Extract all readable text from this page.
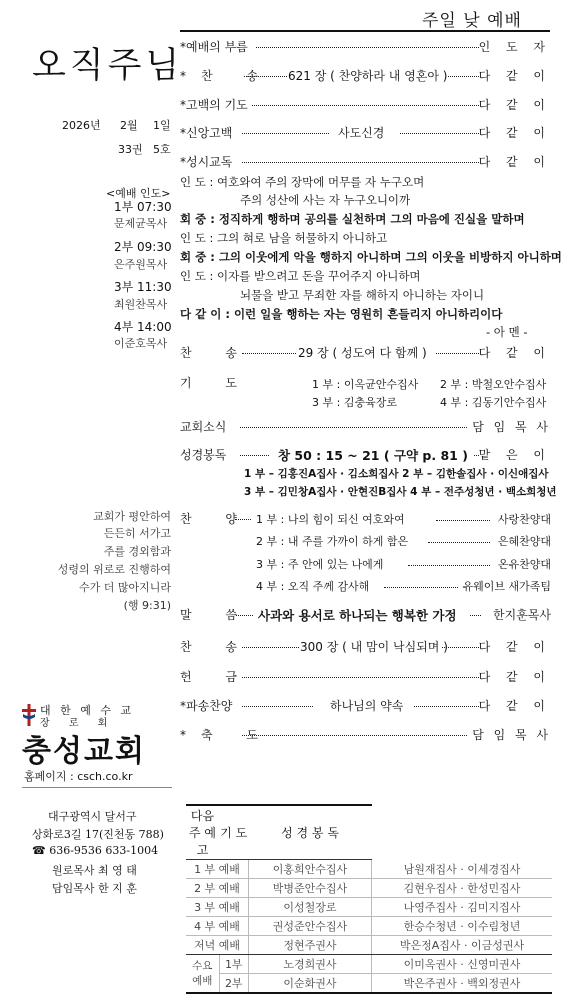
주일 낮 예배
오직주님
2026년 2월 1일
33권 5호
<예배 인도>
1부 07:30
문제균목사
2부 09:30
은주원목사
3부 11:30
최원찬목사
4부 14:00
이준호목사
교회가 평안하여
든든히 서가고
주를 경외함과
성령의 위로로 진행하여
수가 더 많아지니라
(행 9:31)
대 한 예 수 교
장 로 회
충성교회
홈페이지 : csch.co.kr
대구광역시 달서구
상화로3길 17(진천동 788)
☎ 636-9536 633-1004
원로목사 최 영 태
담임목사 한 지 훈
*예배의 부름	인 도 자
*찬 송 621 장 ( 찬양하라 내 영혼아 )	다 같 이
*고백의 기도	다 같 이
*신앙고백	사도신경	다 같 이
*성시교독	다 같 이
인 도 : 여호와여 주의 장막에 머무를 자 누구오며
주의 성산에 사는 자 누구오니이까
회 중 : 정직하게 행하며 공의를 실천하며 그의 마음에 진실을 말하며
인 도 : 그의 혀로 남을 허물하지 아니하고
회 중 : 그의 이웃에게 악을 행하지 아니하며 그의 이웃을 비방하지 아니하며
인 도 : 이자를 받으려고 돈을 꾸어주지 아니하며
뇌물을 받고 무죄한 자를 해하지 아니하는 자이니
다 같 이 : 이런 일을 행하는 자는 영원히 흔들리지 아니하리이다
- 아 멘 -
찬 송	29 장 ( 성도여 다 함께 )	다 같 이
기 도	1 부 : 이옥균안수집사 2 부 : 박철오안수집사
3 부 : 김충육장로	4 부 : 김동기안수집사
교회소식	담 임 목 사
성경봉독	창 50 : 15 ~ 21 ( 구약 p. 81 ) 맡 은 이
1 부 – 김홍진A집사 · 김소희집사 2 부 – 김한솔집사 · 이신애집사
3 부 – 김민창A집사 · 안현진B집사 4 부 – 전주성청년 · 백소희청년
찬 양 1 부 : 나의 힘이 되신 여호와여	사랑찬양대
2 부 : 내 주를 가까이 하게 함은	은혜찬양대
3 부 : 주 안에 있는 나에게	온유찬양대
4 부 : 오직 주께 감사해	유웨이브 새가족팀
말 씀 사과와 용서로 하나되는 행복한 가정	한지훈목사
찬 송	300 장 ( 내 맘이 낙심되며 )	다 같 이
헌 금	다 같 이
*파송찬양	하나님의 약속	다 같 이
*축 도	담 임 목 사
다음주 예고	기 도	성 경 봉 독	
1 부 예배		이홍희안수집사	남원재집사 · 이세경집사
2 부 예배		박병준안수집사	김현우집사 · 한성민집사
3 부 예배		이성철장로	나영주집사 · 김미지집사
4 부 예배		권성준안수집사	한승수청년 · 이수림청년
저녁 예배		정현주권사	박은정A집사 · 이금성권사
수요 예배	1부	노경희권사	이미옥권사 · 신영미권사
	2부	이순화권사	박은주권사 · 백외정권사
